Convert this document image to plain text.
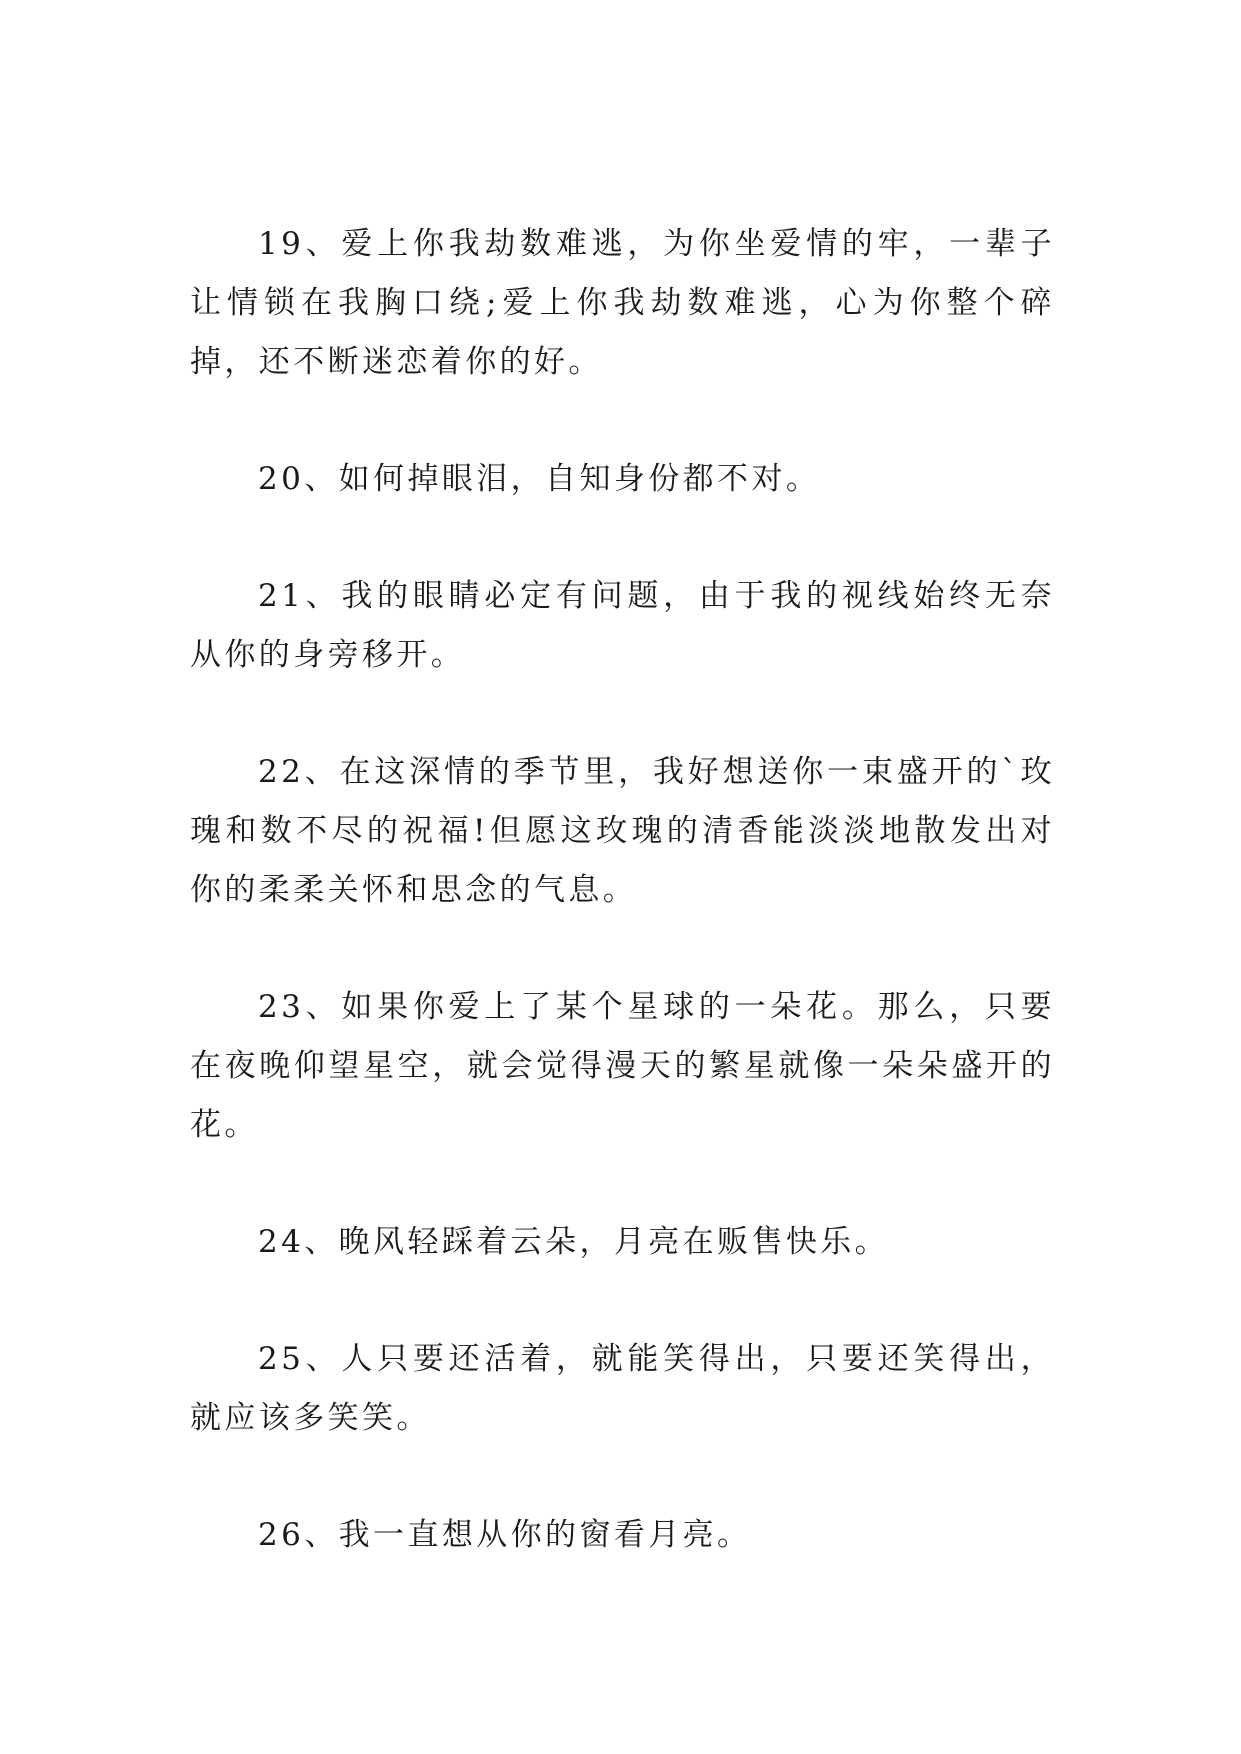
19、爱上你我劫数难逃，为你坐爱情的牢，一辈子让情锁在我胸口绕;爱上你我劫数难逃，心为你整个碎掉，还不断迷恋着你的好。

20、如何掉眼泪，自知身份都不对。

21、我的眼睛必定有问题，由于我的视线始终无奈从你的身旁移开。

22、在这深情的季节里，我好想送你一束盛开的`玫瑰和数不尽的祝福!但愿这玫瑰的清香能淡淡地散发出对你的柔柔关怀和思念的气息。

23、如果你爱上了某个星球的一朵花。那么，只要在夜晚仰望星空，就会觉得漫天的繁星就像一朵朵盛开的花。

24、晚风轻踩着云朵，月亮在贩售快乐。

25、人只要还活着，就能笑得出，只要还笑得出，就应该多笑笑。

26、我一直想从你的窗看月亮。
